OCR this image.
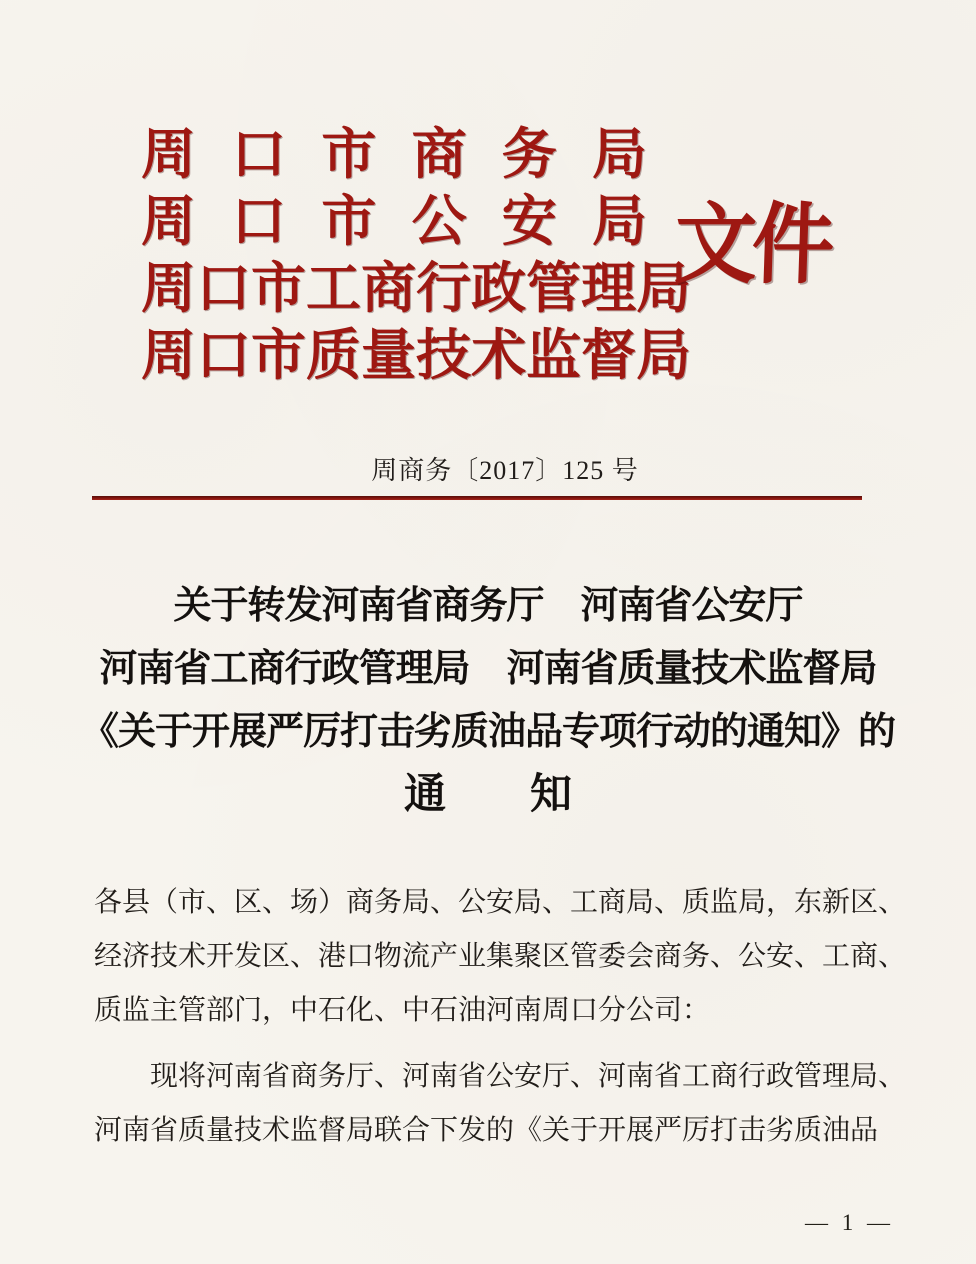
周 口 市 商 务 局
周 口 市 公 安 局
周 口 市 工 商 行 政 管 理 局
周 口 市 质 量 技 术 监 督 局
文件
周商务〔2017〕125 号
关于转发河南省商务厅　河南省公安厅
河南省工商行政管理局　河南省质量技术监督局
《关于开展严厉打击劣质油品专项行动的通知》的
通　　知
各县（市、区、场）商务局、公安局、工商局、质监局，东新区、
经济技术开发区、港口物流产业集聚区管委会商务、公安、工商、
质监主管部门，中石化、中石油河南周口分公司：
现将河南省商务厅、河南省公安厅、河南省工商行政管理局、
河南省质量技术监督局联合下发的《关于开展严厉打击劣质油品
— 1 —
